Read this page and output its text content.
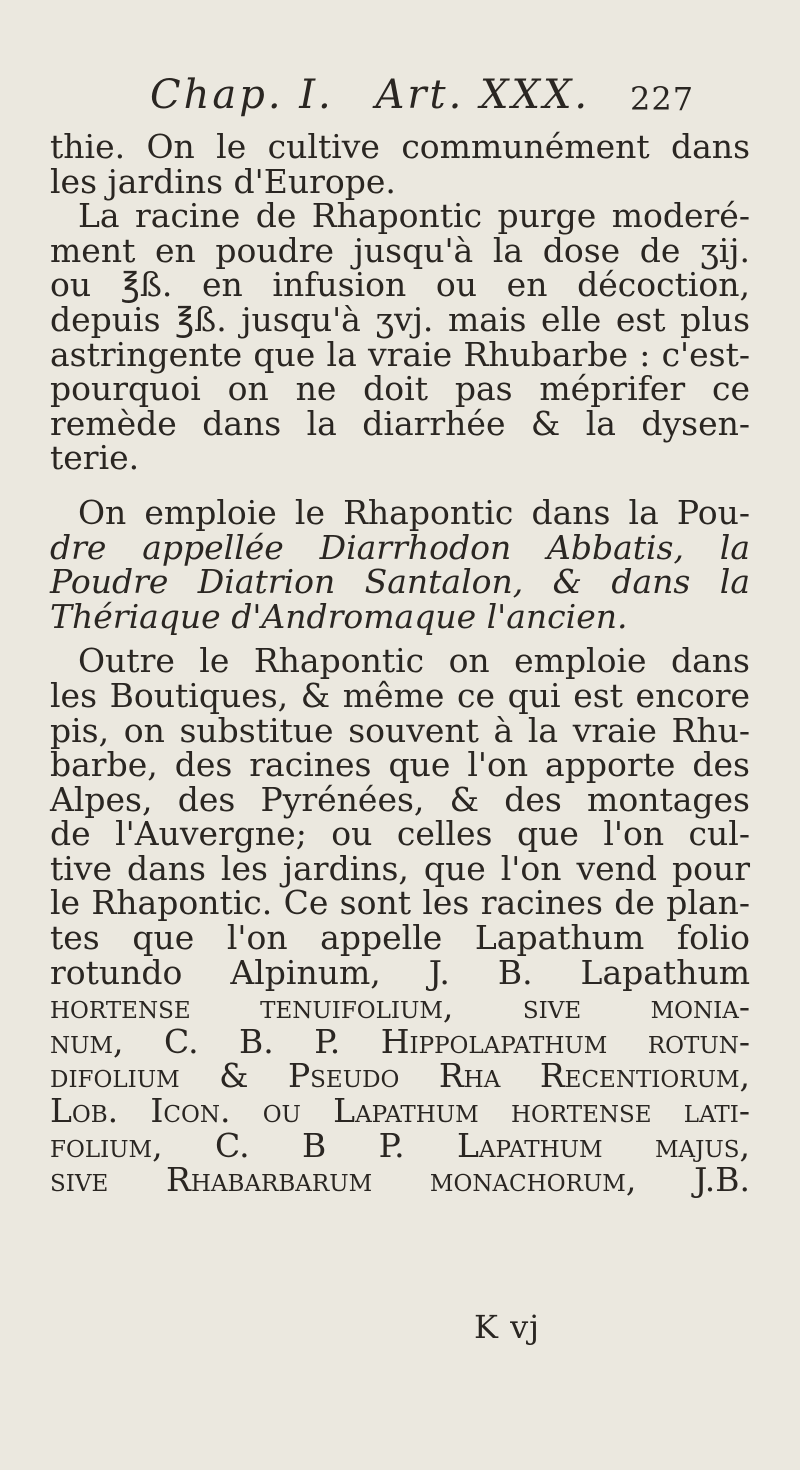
Chap. I. Art. XXX. 227

thie. On le cultive communément dans
les jardins d'Europe.

La racine de Rhapontic purge moderé-
ment en poudre jusqu'à la dose de ʒij.
ou ℥ß. en infusion ou en décoction,
depuis ℥ß. jusqu'à ʒvj. mais elle est plus
astringente que la vraie Rhubarbe : c'est-
pourquoi on ne doit pas méprifer ce
remède dans la diarrhée & la dysen-
terie.

On emploie le Rhapontic dans la Pou-
dre appellée Diarrhodon Abbatis, la
Poudre Diatrion Santalon, & dans la
Thériaque d'Andromaque l'ancien.

Outre le Rhapontic on emploie dans
les Boutiques, & même ce qui est encore
pis, on substitue souvent à la vraie Rhu-
barbe, des racines que l'on apporte des
Alpes, des Pyrénées, & des montages
de l'Auvergne; ou celles que l'on cul-
tive dans les jardins, que l'on vend pour
le Rhapontic. Ce sont les racines de plan-
tes que l'on appelle Lapathum folio
rotundo Alpinum, J. B. Lapathum
hortense tenuifolium, sive monia-
num, C. B. P. Hippolapathum rotun-
difolium & Pseudo Rha Recentiorum,
Lob. Icon. ou Lapathum hortense lati-
folium, C. B P. Lapathum majus,
sive Rhabarbarum monachorum, J.B.

K vj
